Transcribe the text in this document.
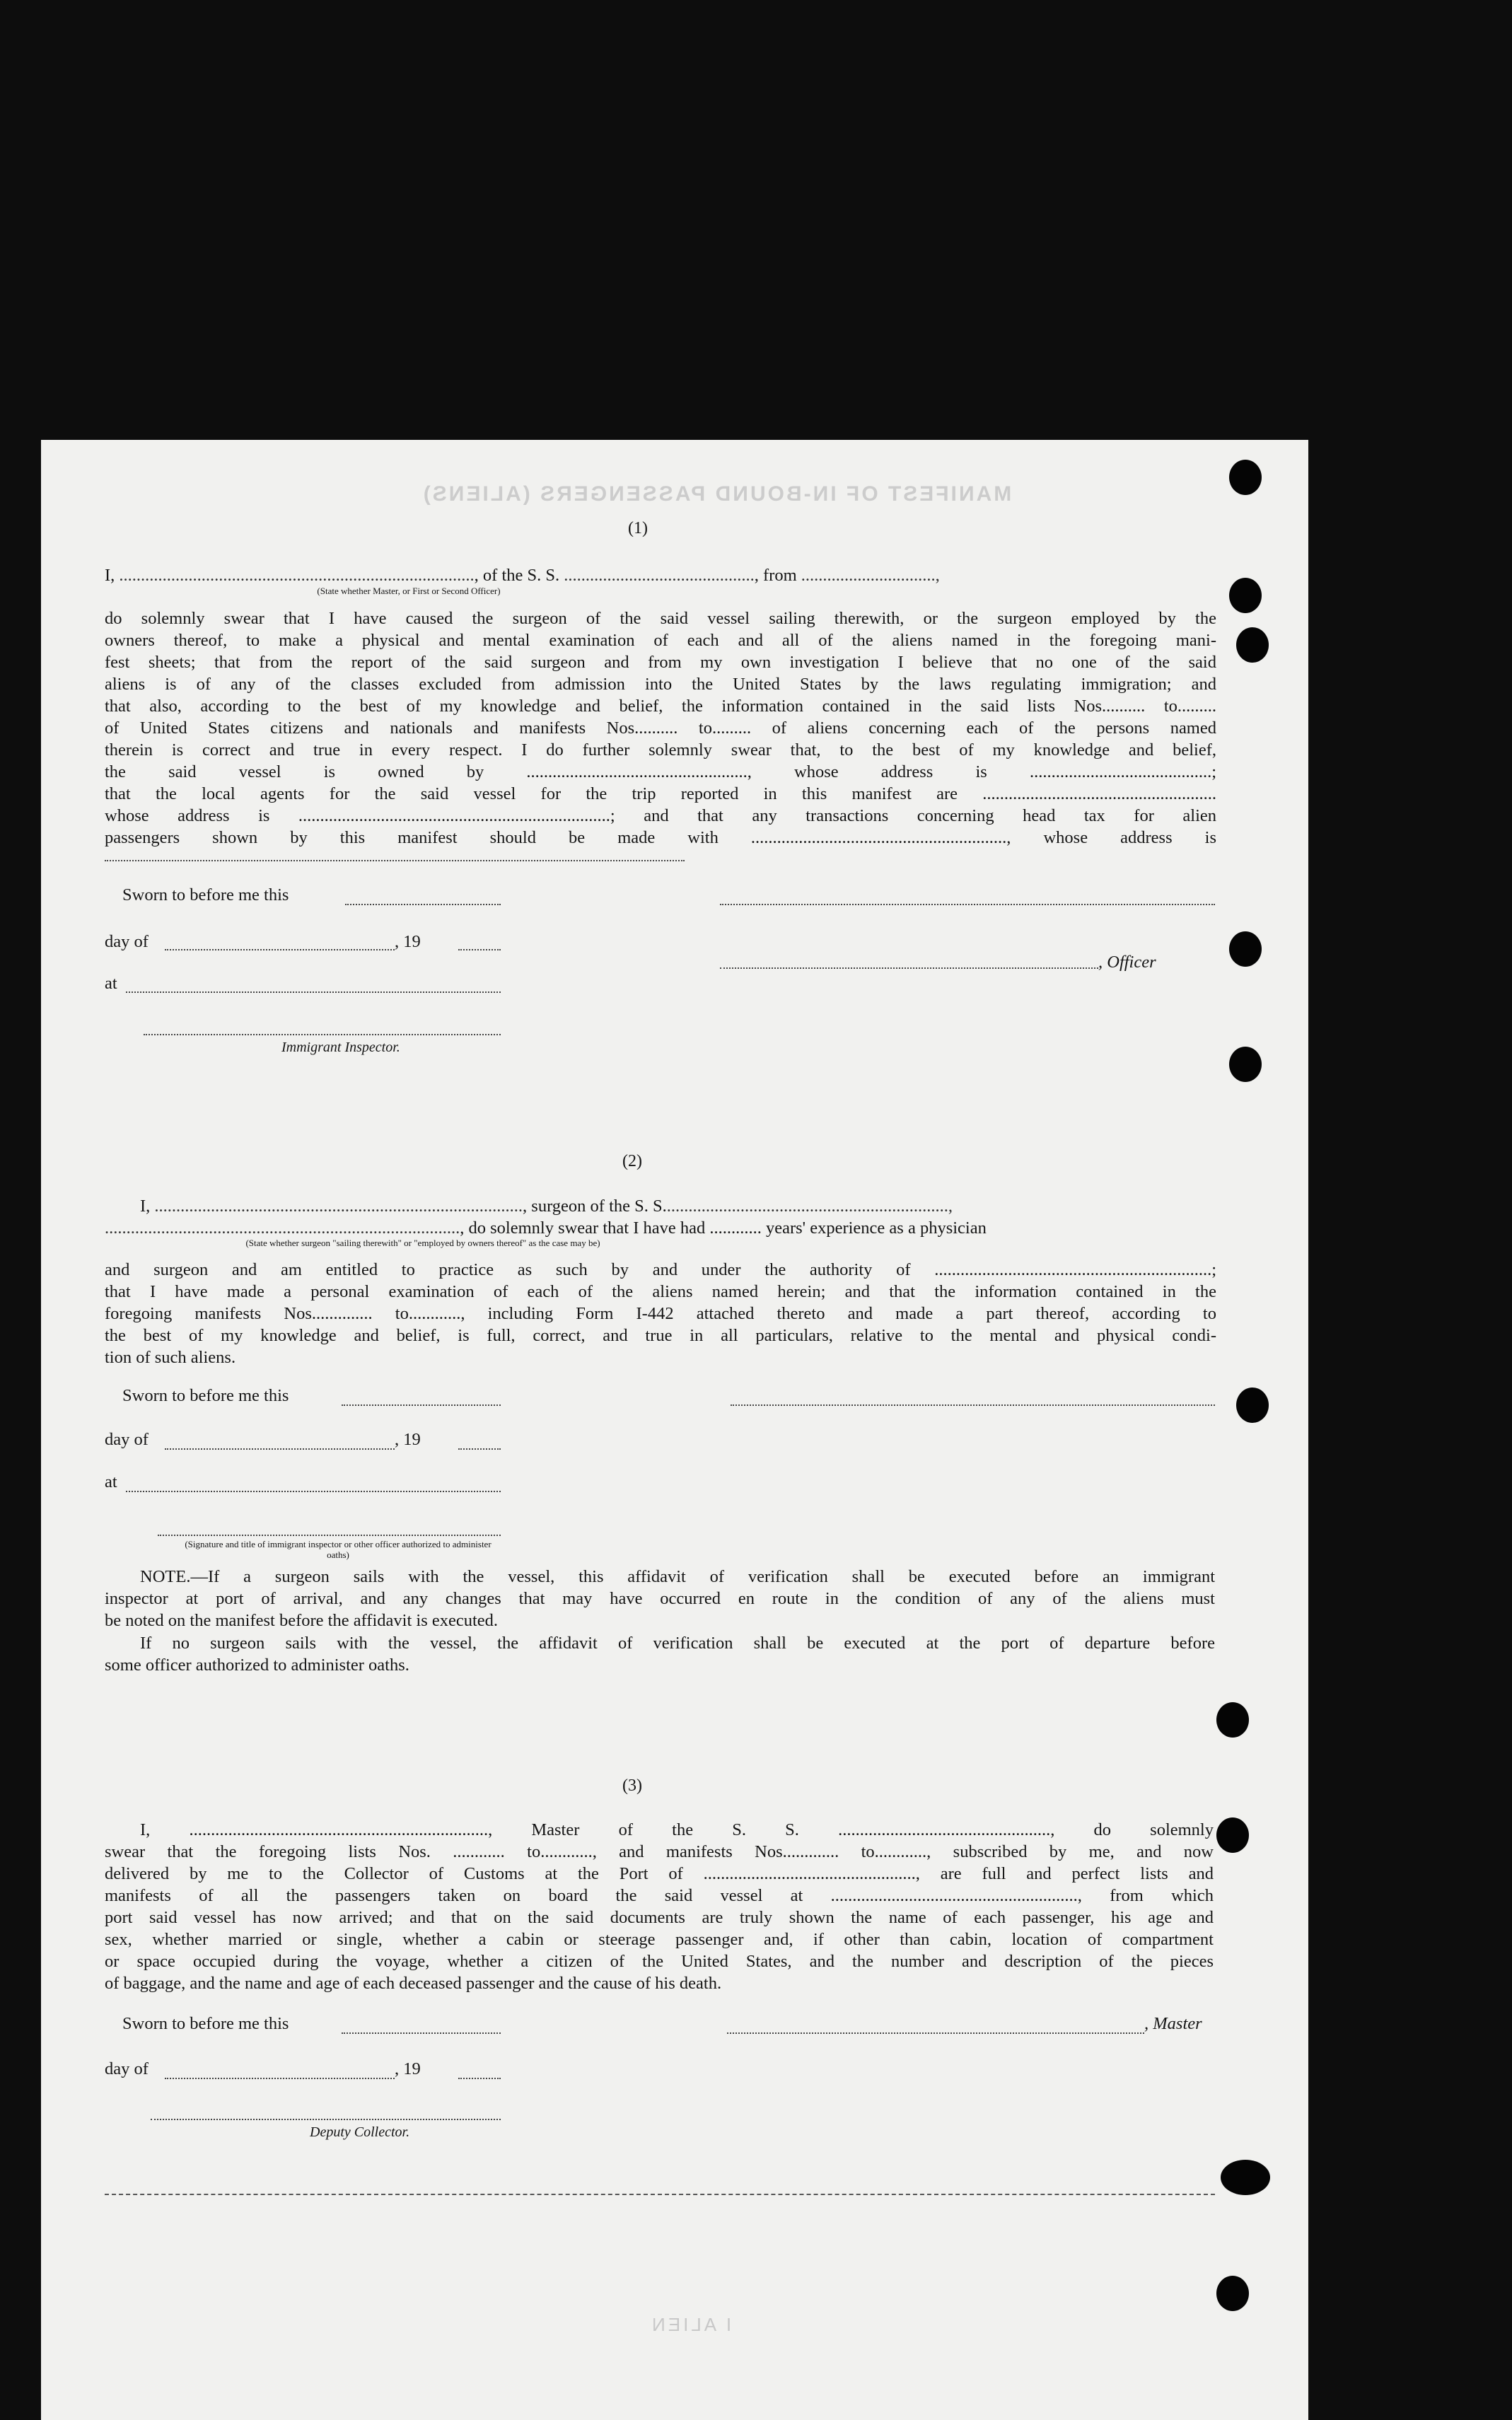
MANIFEST OF IN-BOUND PASSENGERS (ALIENS)
I ALIEN
(1)
I, .................................................................................., of the S. S. ............................................, from ...............................,
(State whether Master, or First or Second Officer)
do solemnly swear that I have caused the surgeon of the said vessel sailing therewith, or the surgeon employed by the
owners thereof, to make a physical and mental examination of each and all of the aliens named in the foregoing mani-
fest sheets; that from the report of the said surgeon and from my own investigation I believe that no one of the said
aliens is of any of the classes excluded from admission into the United States by the laws regulating immigration; and
that also, according to the best of my knowledge and belief, the information contained in the said lists Nos.......... to.........
of United States citizens and nationals and manifests Nos.......... to......... of aliens concerning each of the persons named
therein is correct and true in every respect. I do further solemnly swear that, to the best of my knowledge and belief,
the said vessel is owned by ..................................................., whose address is ..........................................;
that the local agents for the said vessel for the trip reported in this manifest are ......................................................
whose address is ........................................................................; and that any transactions concerning head tax for alien
passengers shown by this manifest should be made with ..........................................................., whose address is
Sworn to before me this
day of	, 19
, Officer
at
Immigrant Inspector.
(2)
I, ....................................................................................., surgeon of the S. S..................................................................,
.................................................................................., do solemnly swear that I have had ............ years' experience as a physician
(State whether surgeon "sailing therewith" or "employed by owners thereof" as the case may be)
and surgeon and am entitled to practice as such by and under the authority of ................................................................;
that I have made a personal examination of each of the aliens named herein; and that the information contained in the
foregoing manifests Nos.............. to............, including Form I-442 attached thereto and made a part thereof, according to
the best of my knowledge and belief, is full, correct, and true in all particulars, relative to the mental and physical condi-
tion of such aliens.
Sworn to before me this
day of	, 19
at
(Signature and title of immigrant inspector or other officer authorized to administer oaths)
NOTE.—If a surgeon sails with the vessel, this affidavit of verification shall be executed before an immigrant
inspector at port of arrival, and any changes that may have occurred en route in the condition of any of the aliens must
be noted on the manifest before the affidavit is executed.
If no surgeon sails with the vessel, the affidavit of verification shall be executed at the port of departure before
some officer authorized to administer oaths.
(3)
I, ....................................................................., Master of the S. S. ................................................., do solemnly
swear that the foregoing lists Nos. ............ to............, and manifests Nos............. to............, subscribed by me, and now
delivered by me to the Collector of Customs at the Port of ................................................., are full and perfect lists and
manifests of all the passengers taken on board the said vessel at ........................................................., from which
port said vessel has now arrived; and that on the said documents are truly shown the name of each passenger, his age and
sex, whether married or single, whether a cabin or steerage passenger and, if other than cabin, location of compartment
or space occupied during the voyage, whether a citizen of the United States, and the number and description of the pieces
of baggage, and the name and age of each deceased passenger and the cause of his death.
Sworn to before me this	, Master
day of	, 19
Deputy Collector.
